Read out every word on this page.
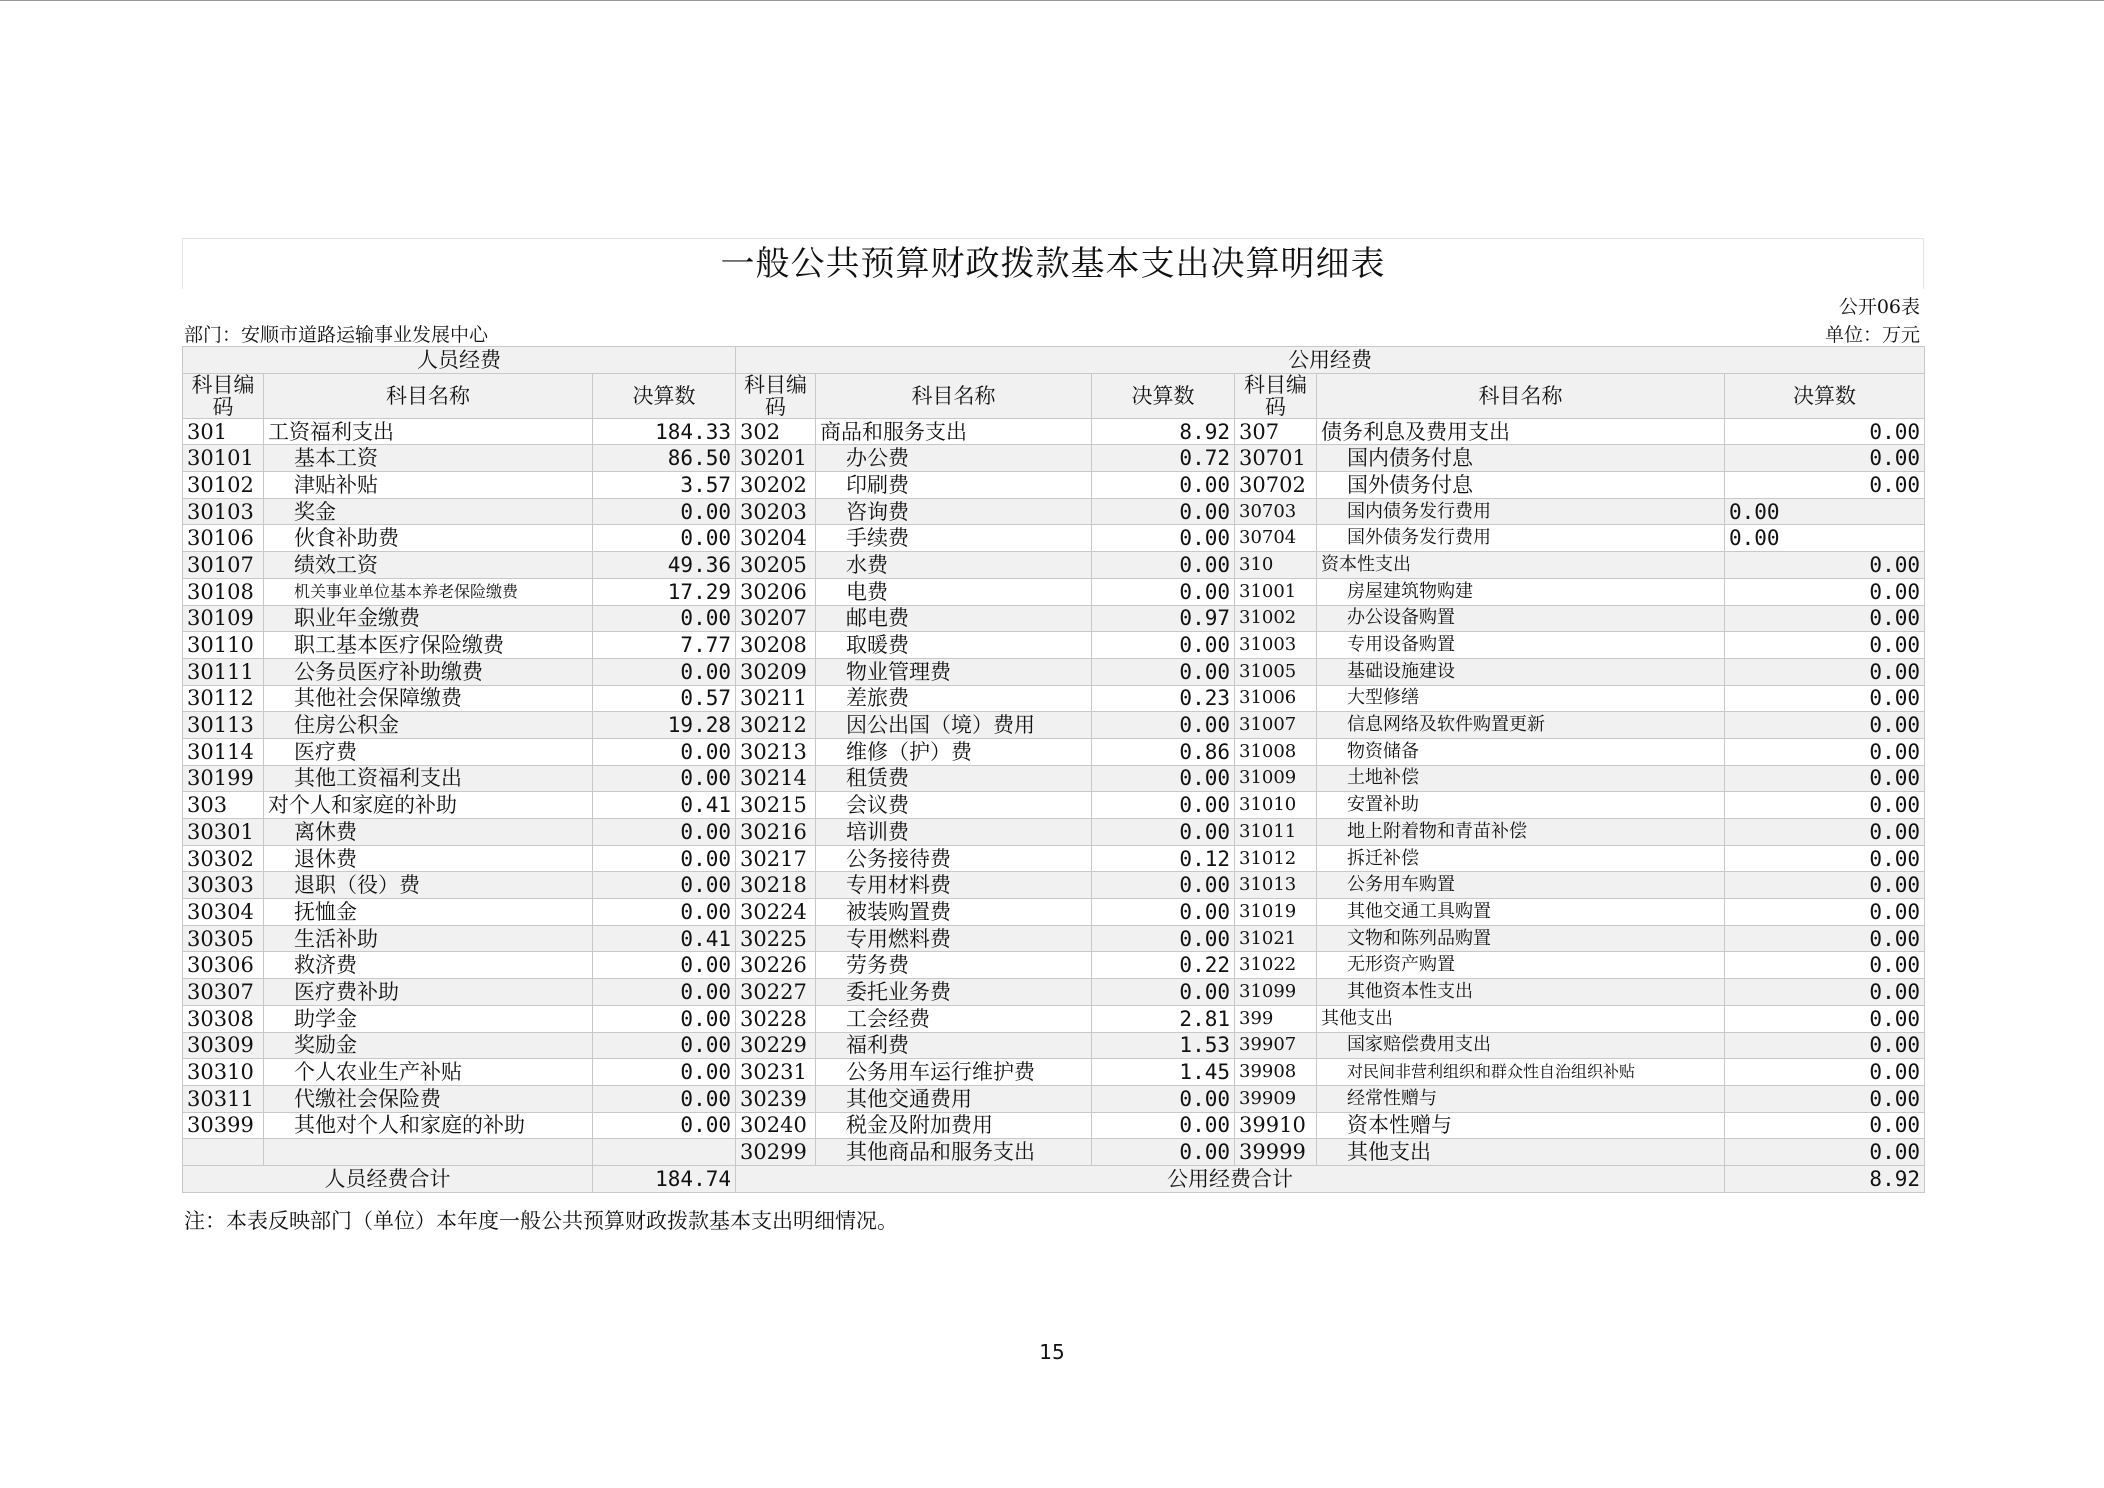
一般公共预算财政拨款基本支出决算明细表
公开06表
部门：安顺市道路运输事业发展中心	单位：万元
人员经费			公用经费					
科目编码	科目名称	决算数	科目编码	科目名称	决算数	科目编码	科目名称	决算数
301	工资福利支出	184.33	302	商品和服务支出	8.92	307	债务利息及费用支出	0.00
30101	基本工资	86.50	30201	办公费	0.72	30701	国内债务付息	0.00
30102	津贴补贴	3.57	30202	印刷费	0.00	30702	国外债务付息	0.00
30103	奖金	0.00	30203	咨询费	0.00	30703	国内债务发行费用	0.00
30106	伙食补助费	0.00	30204	手续费	0.00	30704	国外债务发行费用	0.00
30107	绩效工资	49.36	30205	水费	0.00	310	资本性支出	0.00
30108	机关事业单位基本养老保险缴费	17.29	30206	电费	0.00	31001	房屋建筑物购建	0.00
30109	职业年金缴费	0.00	30207	邮电费	0.97	31002	办公设备购置	0.00
30110	职工基本医疗保险缴费	7.77	30208	取暖费	0.00	31003	专用设备购置	0.00
30111	公务员医疗补助缴费	0.00	30209	物业管理费	0.00	31005	基础设施建设	0.00
30112	其他社会保障缴费	0.57	30211	差旅费	0.23	31006	大型修缮	0.00
30113	住房公积金	19.28	30212	因公出国（境）费用	0.00	31007	信息网络及软件购置更新	0.00
30114	医疗费	0.00	30213	维修（护）费	0.86	31008	物资储备	0.00
30199	其他工资福利支出	0.00	30214	租赁费	0.00	31009	土地补偿	0.00
303	对个人和家庭的补助	0.41	30215	会议费	0.00	31010	安置补助	0.00
30301	离休费	0.00	30216	培训费	0.00	31011	地上附着物和青苗补偿	0.00
30302	退休费	0.00	30217	公务接待费	0.12	31012	拆迁补偿	0.00
30303	退职（役）费	0.00	30218	专用材料费	0.00	31013	公务用车购置	0.00
30304	抚恤金	0.00	30224	被装购置费	0.00	31019	其他交通工具购置	0.00
30305	生活补助	0.41	30225	专用燃料费	0.00	31021	文物和陈列品购置	0.00
30306	救济费	0.00	30226	劳务费	0.22	31022	无形资产购置	0.00
30307	医疗费补助	0.00	30227	委托业务费	0.00	31099	其他资本性支出	0.00
30308	助学金	0.00	30228	工会经费	2.81	399	其他支出	0.00
30309	奖励金	0.00	30229	福利费	1.53	39907	国家赔偿费用支出	0.00
30310	个人农业生产补贴	0.00	30231	公务用车运行维护费	1.45	39908	对民间非营利组织和群众性自治组织补贴	0.00
30311	代缴社会保险费	0.00	30239	其他交通费用	0.00	39909	经常性赠与	0.00
30399	其他对个人和家庭的补助	0.00	30240	税金及附加费用	0.00	39910	资本性赠与	0.00
			30299	其他商品和服务支出	0.00	39999	其他支出	0.00
人员经费合计		184.74	公用经费合计					8.92
注：本表反映部门（单位）本年度一般公共预算财政拨款基本支出明细情况。
15
